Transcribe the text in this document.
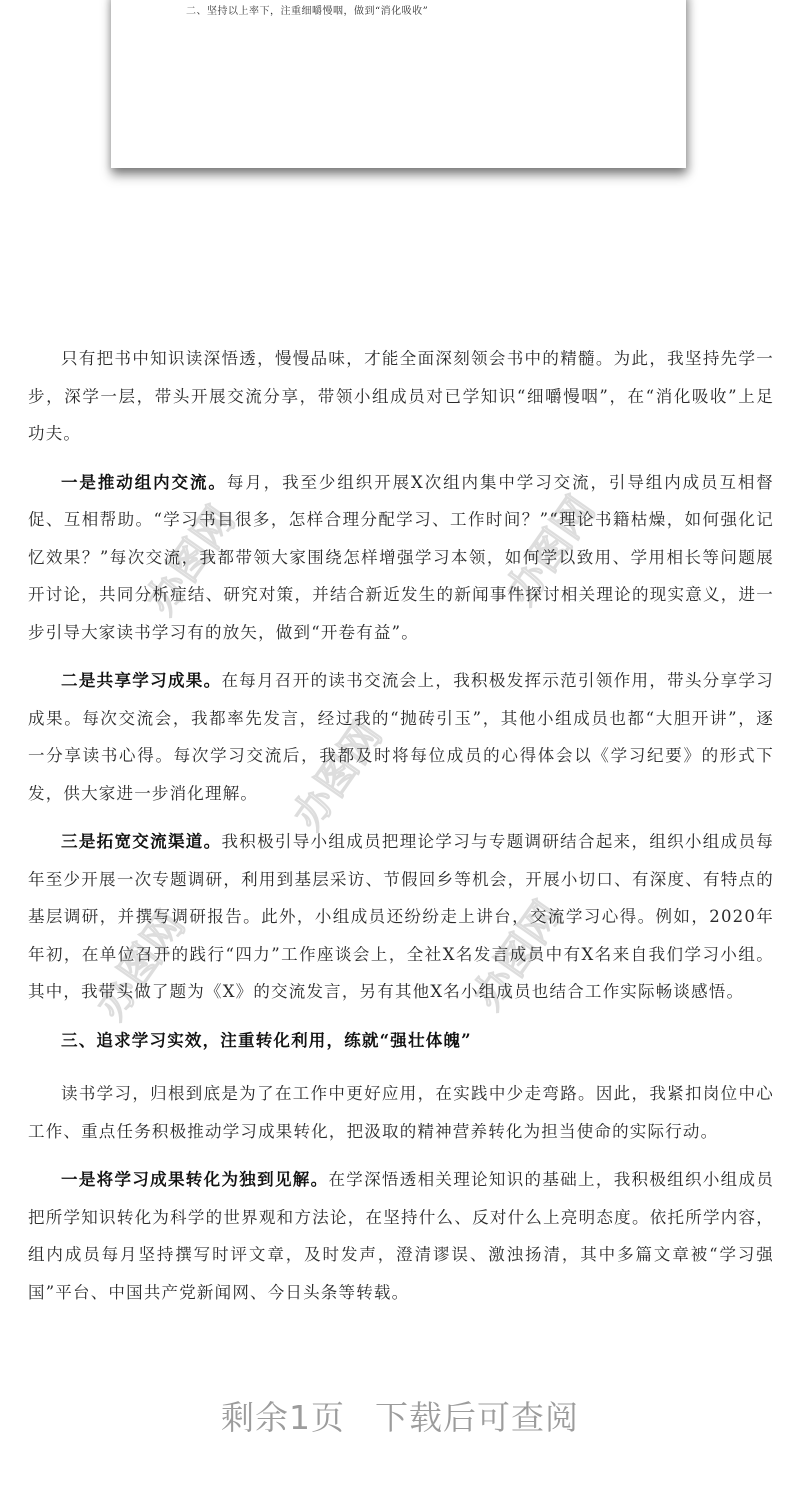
二、坚持以上率下，注重细嚼慢咽，做到“消化吸收”
办图网	办图网
办图网
办图网	办图网

只有把书中知识读深悟透，慢慢品味，才能全面深刻领会书中的精髓。为此，我坚持先学一步，深学一层，带头开展交流分享，带领小组成员对已学知识“细嚼慢咽”，在“消化吸收”上足功夫。

一是推动组内交流。每月，我至少组织开展X次组内集中学习交流，引导组内成员互相督促、互相帮助。“学习书目很多，怎样合理分配学习、工作时间？”“理论书籍枯燥，如何强化记忆效果？”每次交流，我都带领大家围绕怎样增强学习本领，如何学以致用、学用相长等问题展开讨论，共同分析症结、研究对策，并结合新近发生的新闻事件探讨相关理论的现实意义，进一步引导大家读书学习有的放矢，做到“开卷有益”。

二是共享学习成果。在每月召开的读书交流会上，我积极发挥示范引领作用，带头分享学习成果。每次交流会，我都率先发言，经过我的“抛砖引玉”，其他小组成员也都“大胆开讲”，逐一分享读书心得。每次学习交流后，我都及时将每位成员的心得体会以《学习纪要》的形式下发，供大家进一步消化理解。

三是拓宽交流渠道。我积极引导小组成员把理论学习与专题调研结合起来，组织小组成员每年至少开展一次专题调研，利用到基层采访、节假回乡等机会，开展小切口、有深度、有特点的基层调研，并撰写调研报告。此外，小组成员还纷纷走上讲台，交流学习心得。例如，2020年年初，在单位召开的践行“四力”工作座谈会上，全社X名发言成员中有X名来自我们学习小组。其中，我带头做了题为《X》的交流发言，另有其他X名小组成员也结合工作实际畅谈感悟。

三、追求学习实效，注重转化利用，练就“强壮体魄”

读书学习，归根到底是为了在工作中更好应用，在实践中少走弯路。因此，我紧扣岗位中心工作、重点任务积极推动学习成果转化，把汲取的精神营养转化为担当使命的实际行动。

一是将学习成果转化为独到见解。在学深悟透相关理论知识的基础上，我积极组织小组成员把所学知识转化为科学的世界观和方法论，在坚持什么、反对什么上亮明态度。依托所学内容，组内成员每月坚持撰写时评文章，及时发声，澄清谬误、激浊扬清，其中多篇文章被“学习强国”平台、中国共产党新闻网、今日头条等转载。

剩余1页 下载后可查阅
